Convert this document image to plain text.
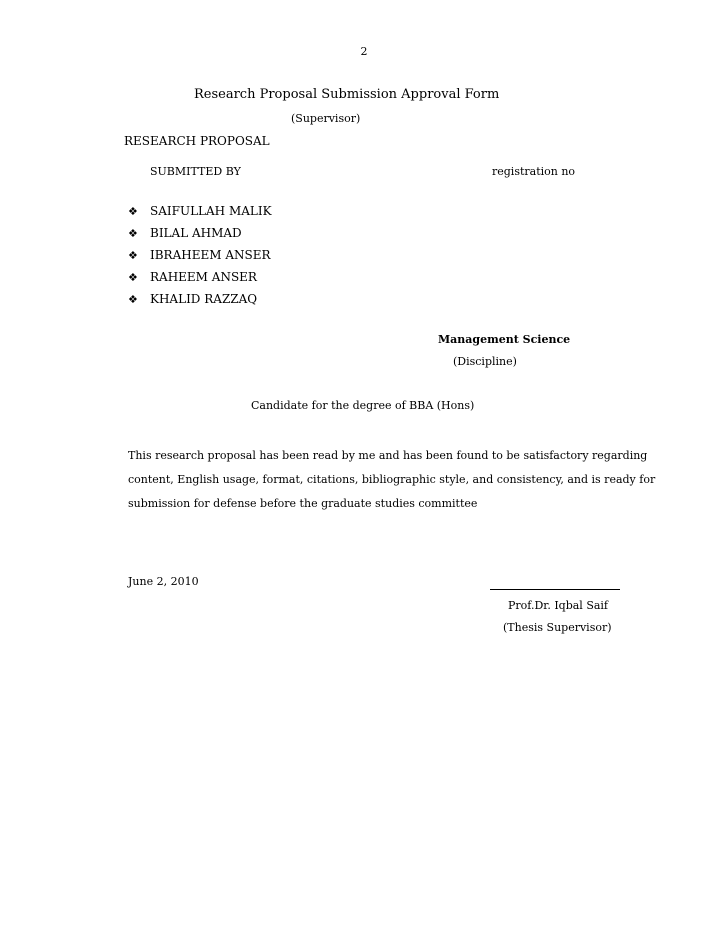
2
Research Proposal Submission Approval Form
(Supervisor)
RESEARCH PROPOSAL
SUBMITTED BY	registration no
❖	SAIFULLAH MALIK
❖	BILAL AHMAD
❖	IBRAHEEM ANSER
❖	RAHEEM ANSER
❖	KHALID RAZZAQ
Management Science
(Discipline)
Candidate for the degree of BBA (Hons)
This research proposal has been read by me and has been found to be satisfactory regarding
content, English usage, format, citations, bibliographic style, and consistency, and is ready for
submission for defense before the graduate studies committee
June 2, 2010
Prof.Dr. Iqbal Saif
(Thesis Supervisor)
